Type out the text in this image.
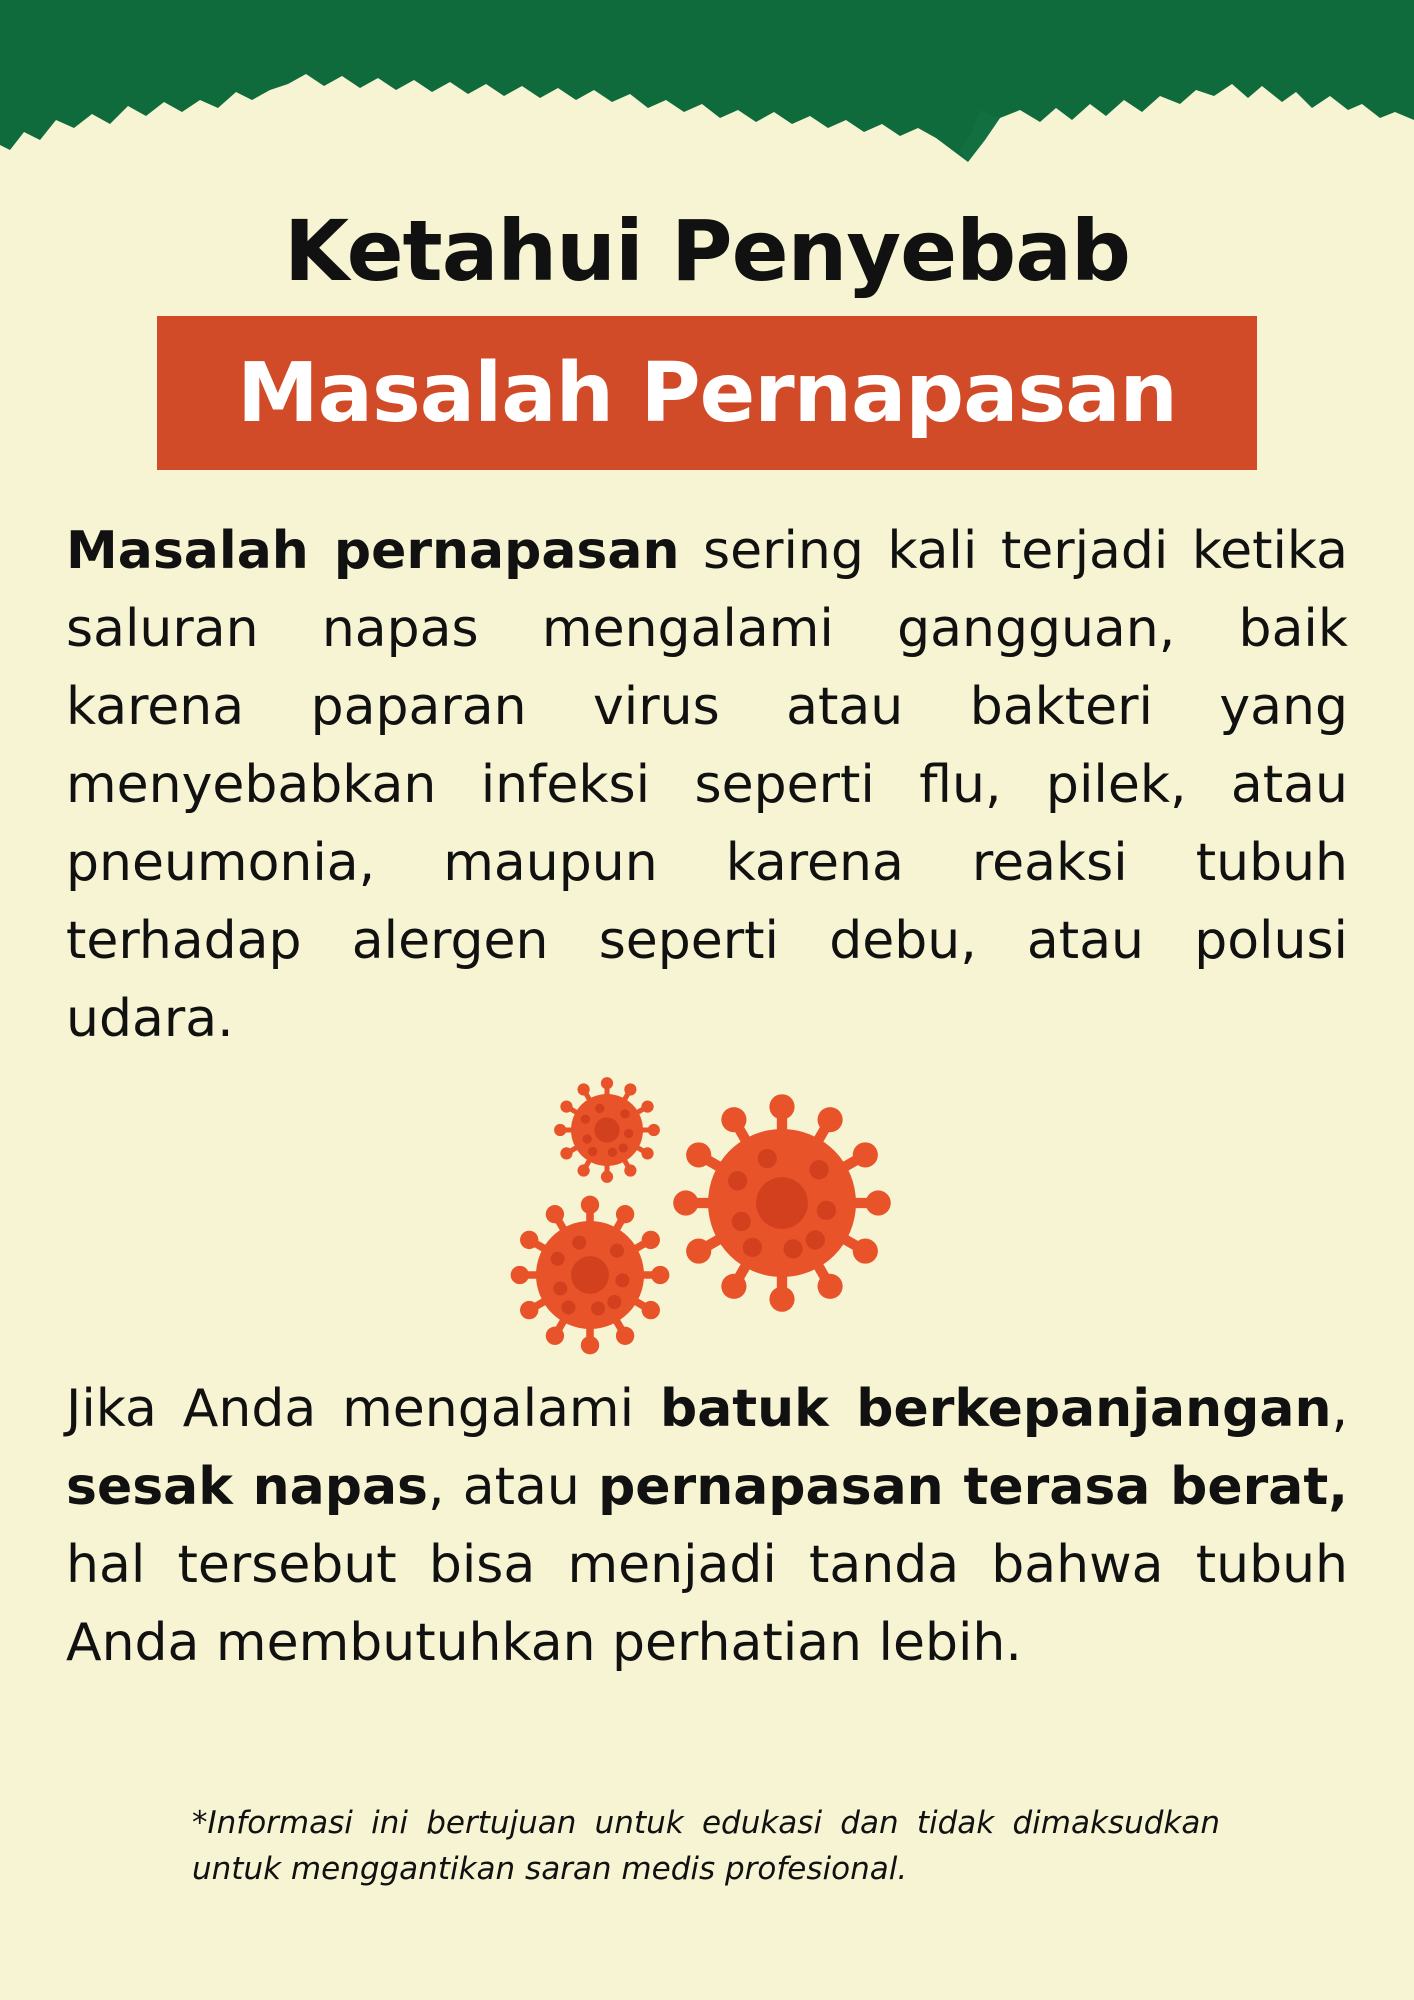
Ketahui Penyebab
Masalah Pernapasan

Masalah pernapasan sering kali terjadi ketika saluran napas mengalami gangguan, baik karena paparan virus atau bakteri yang menyebabkan infeksi seperti flu, pilek, atau pneumonia, maupun karena reaksi tubuh terhadap alergen seperti debu, atau polusi udara.

Jika Anda mengalami batuk berkepanjangan, sesak napas, atau pernapasan terasa berat, hal tersebut bisa menjadi tanda bahwa tubuh Anda membutuhkan perhatian lebih.

*Informasi ini bertujuan untuk edukasi dan tidak dimaksudkan untuk menggantikan saran medis profesional.
